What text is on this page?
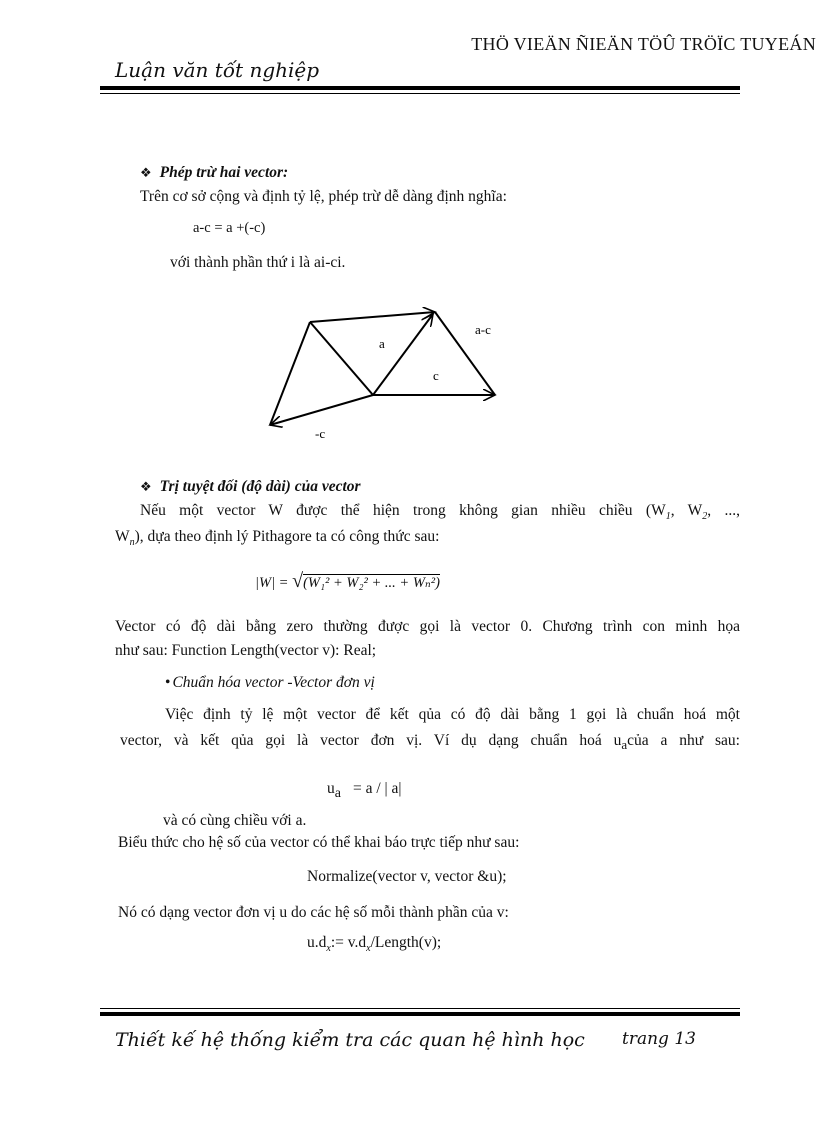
THÖ VIEÄN ÑIEÄN TÖÛ TRÖÏC TUYEÁN
Luận văn tốt nghiệp
❖ Phép trừ hai vector:
Trên cơ sở cộng và định tỷ lệ, phép trừ dễ dàng định nghĩa:
a-c = a +(-c)
với thành phần thứ i là ai-ci.
a
a-c
c
-c
❖ Trị tuyệt đối (độ dài) của vector
Nếu một vector W được thể hiện trong không gian nhiều chiều ($W_1$, $W_2$, ...,
$W_n$), dựa theo định lý Pithagore ta có công thức sau:
|W| = √(W₁² + W₂² + ... + Wₙ²)
Vector có độ dài bằng zero thường được gọi là vector 0. Chương trình con minh họa
như sau: Function Length(vector v): Real;
• Chuẩn hóa vector -Vector đơn vị
Việc định tỷ lệ một vector để kết qủa có độ dài bằng 1 gọi là chuẩn hoá một
vector, và kết qủa gọi là vector đơn vị. Ví dụ dạng chuẩn hoá $u_acủa$ a như sau:
ua = a / | a|
và có cùng chiều với a.
Biểu thức cho hệ số của vector có thể khai báo trực tiếp như sau:
Normalize(vector v, vector &u);
Nó có dạng vector đơn vị u do các hệ số mỗi thành phần của v:
$u.d_x:=$ $v.d_x/Length(v)$;
Thiết kế hệ thống kiểm tra các quan hệ hình học trang 13
